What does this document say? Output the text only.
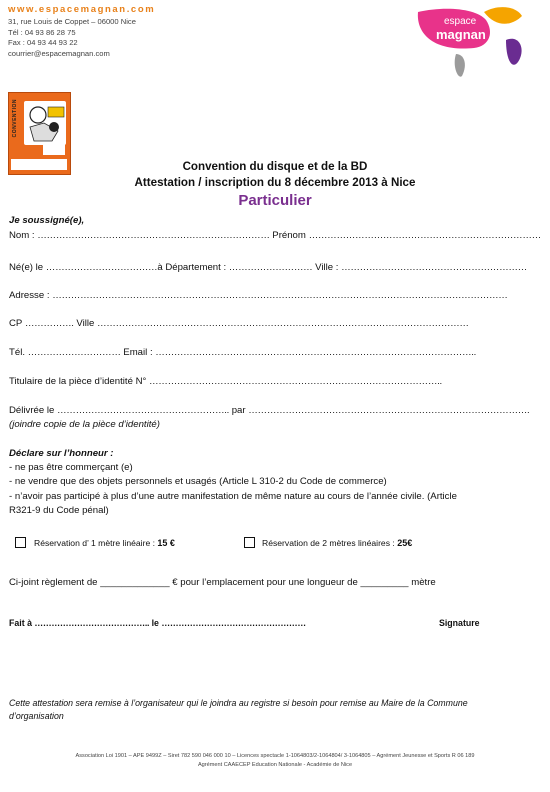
www.espacemagnan.com
31, rue Louis de Coppet – 06000 Nice
Tél : 04 93 86 28 75
Fax : 04 93 44 93 22
courrier@espacemagnan.com
espace
magnan
CONVENTION
Convention du disque et de la BD
Attestation / inscription du 8 décembre 2013 à Nice
Particulier
Je soussigné(e),
Nom : ………………………………………………………………… Prénom …………………………………………………………………
Né(e) le ………………………………à Département : ……………………… Ville : ……………………………………………………
Adresse : …………………………………………………………………………………………………………………………………
CP ……………. Ville …………………………………………………………………………………………………………
Tél. ………………………… Email : …………………………………………………………………………………………..
Titulaire de la pièce d’identité N° …………………………………………………………………………………..
Délivrée le ……………………………………………….. par ……………………………………………………………………………….
(joindre copie de la pièce d’identité)
Déclare sur l’honneur :
- ne pas être commerçant (e)
- ne vendre que des objets personnels et usagés (Article L 310-2 du Code de commerce)
- n’avoir pas participé à plus d’une autre manifestation de même nature au cours de l’année civile. (Article
R321-9 du Code pénal)
Réservation d’ 1 mètre linéaire : 15 €	Réservation de 2 mètres linéaires : 25€
Ci-joint règlement de _____________ € pour l’emplacement pour une longueur de _________ mètre
Fait à ………………………………….. le ……………………………………………	Signature
Cette attestation sera remise à l’organisateur qui le joindra au registre si besoin pour remise au Maire de la Commune
d’organisation
Association Loi 1901 – APE 9499Z – Siret 782 590 046 000 10 – Licences spectacle 1-1064803/2-1064804/ 3-1064805 – Agrément Jeunesse et Sports R 06 189
Agrément CAAECEP Education Nationale - Académie de Nice
